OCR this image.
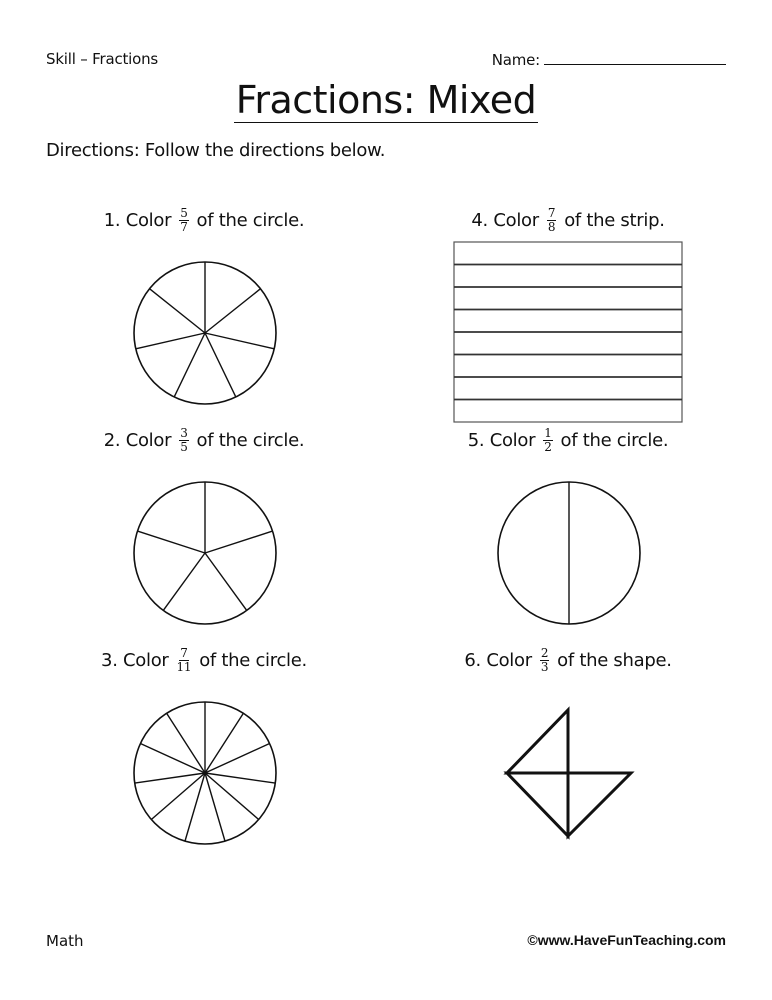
Skill – Fractions	Name:
Fractions: Mixed
Directions: Follow the directions below.
1. Color $\frac{5}{7}$ of the circle.
2. Color $\frac{3}{5}$ of the circle.
3. Color $\frac{7}{11}$ of the circle.
4. Color $\frac{7}{8}$ of the strip.
5. Color $\frac{1}{2}$ of the circle.
6. Color $\frac{2}{3}$ of the shape.
Math	©www.HaveFunTeaching.com
